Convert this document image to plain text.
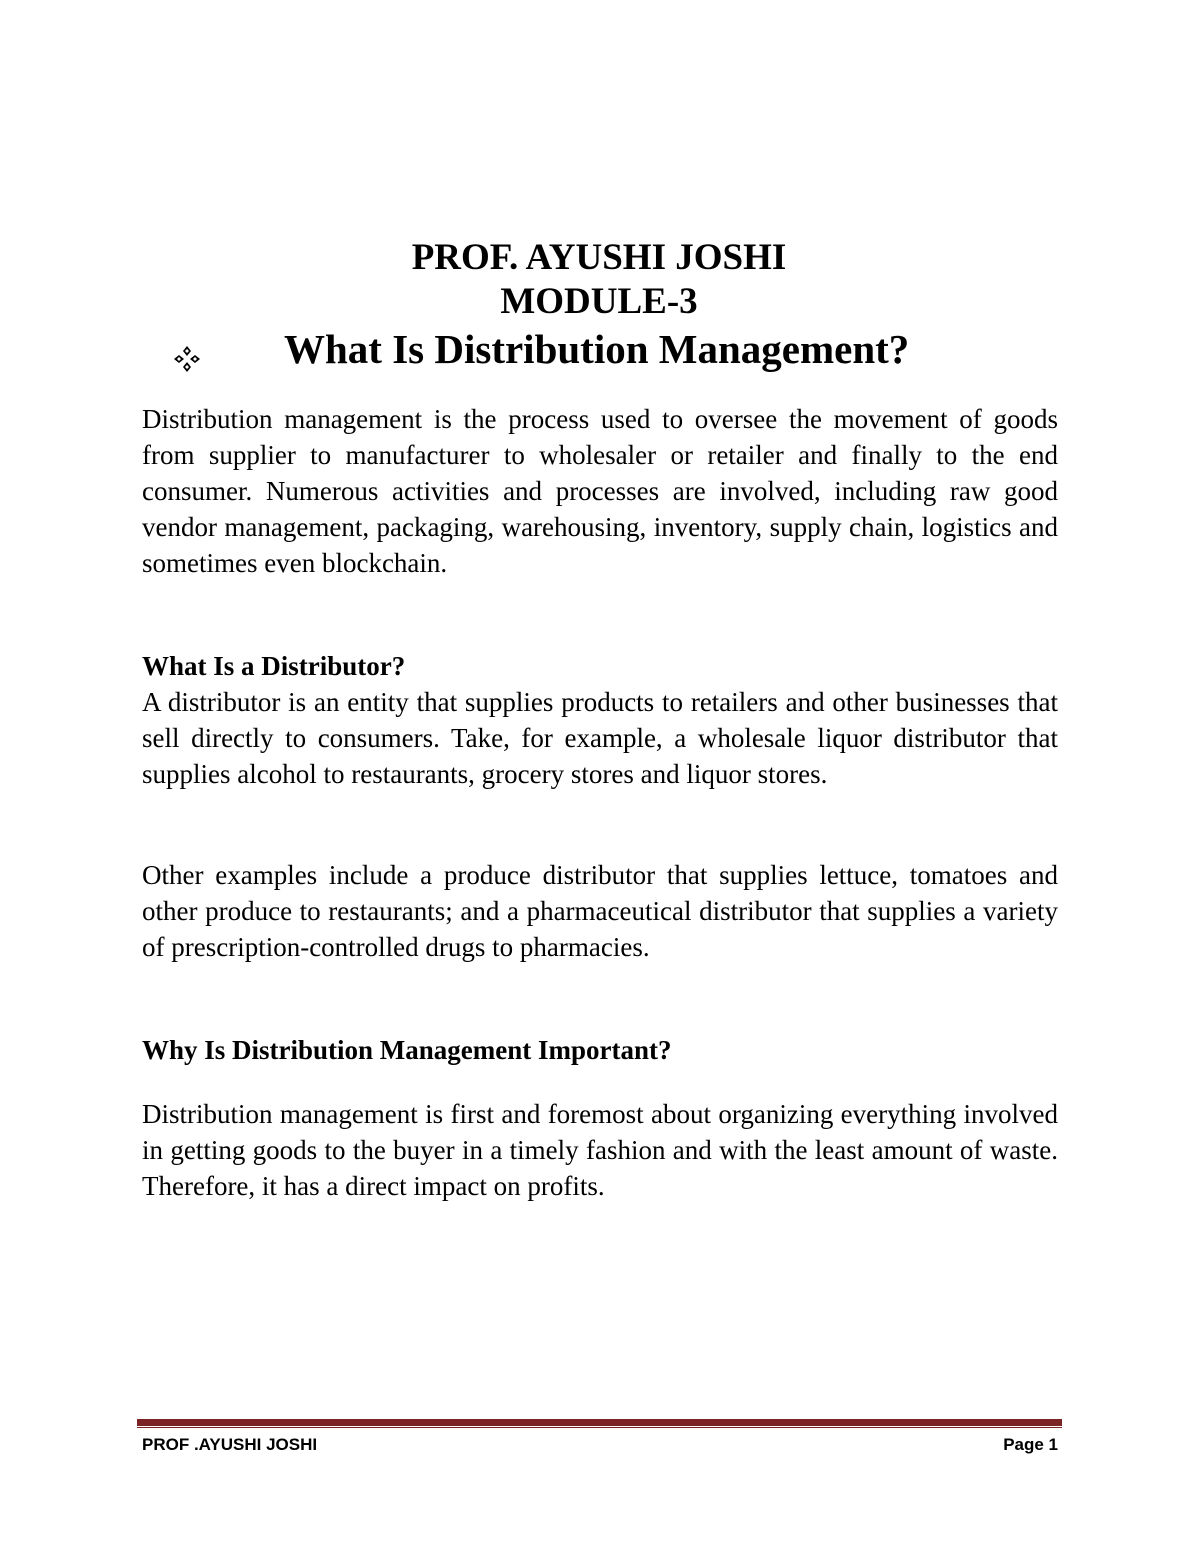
PROF. AYUSHI JOSHI
MODULE-3
What Is Distribution Management?

Distribution management is the process used to oversee the movement of goods from supplier to manufacturer to wholesaler or retailer and finally to the end consumer. Numerous activities and processes are involved, including raw good vendor management, packaging, warehousing, inventory, supply chain, logistics and sometimes even blockchain.

What Is a Distributor?

A distributor is an entity that supplies products to retailers and other businesses that sell directly to consumers. Take, for example, a wholesale liquor distributor that supplies alcohol to restaurants, grocery stores and liquor stores.

Other examples include a produce distributor that supplies lettuce, tomatoes and other produce to restaurants; and a pharmaceutical distributor that supplies a variety of prescription-controlled drugs to pharmacies.

Why Is Distribution Management Important?

Distribution management is first and foremost about organizing everything involved in getting goods to the buyer in a timely fashion and with the least amount of waste. Therefore, it has a direct impact on profits.

PROF .AYUSHI JOSHI	Page 1
